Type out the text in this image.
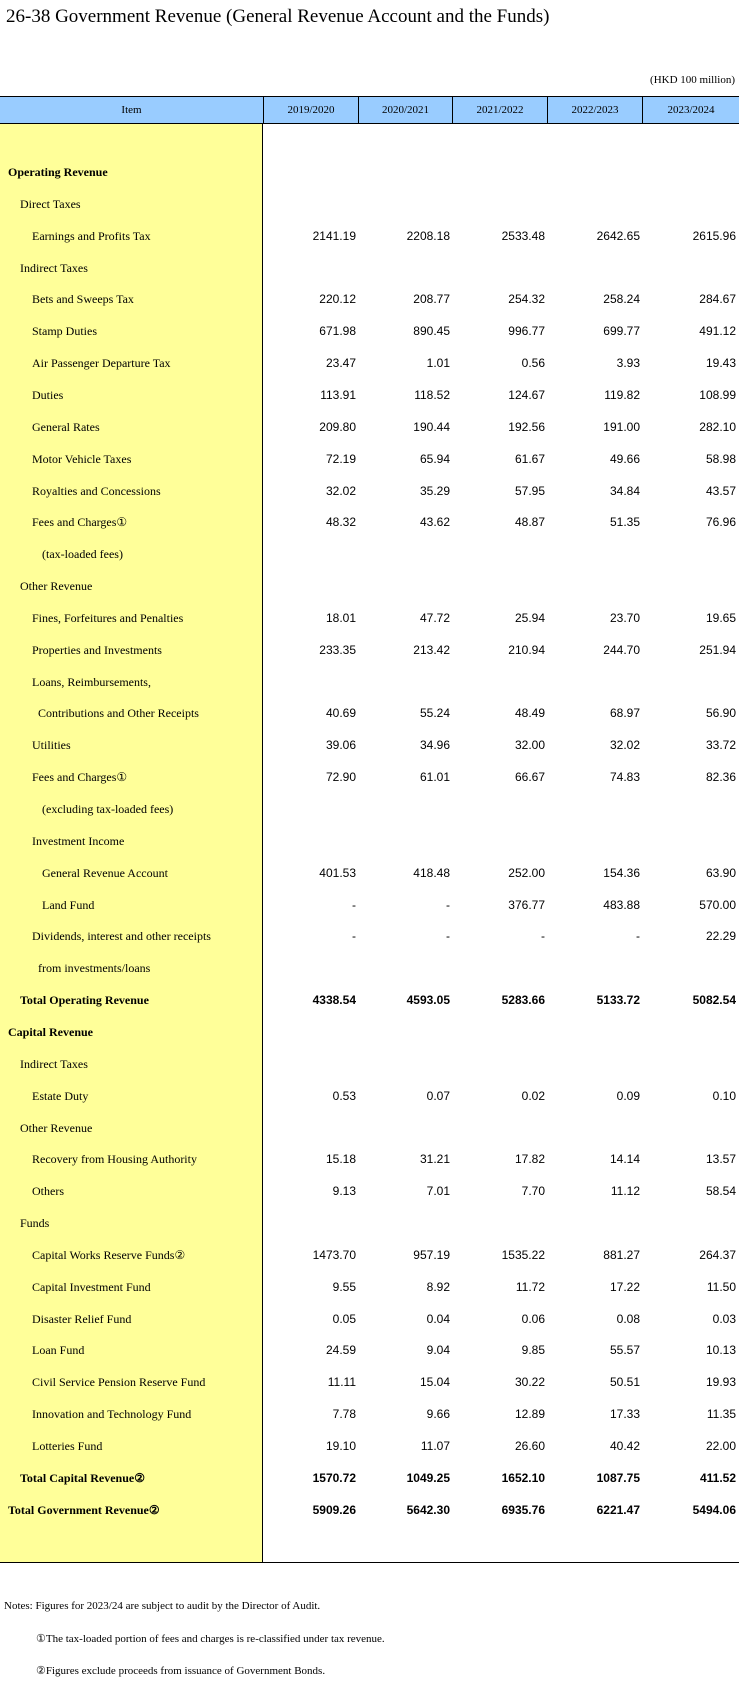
26-38 Government Revenue (General Revenue Account and the Funds)
(HKD 100 million)
Item	2019/2020	2020/2021	2021/2022	2022/2023	2023/2024
Operating Revenue
Direct Taxes
Earnings and Profits Tax	2141.19	2208.18	2533.48	2642.65	2615.96
Indirect Taxes
Bets and Sweeps Tax	220.12	208.77	254.32	258.24	284.67
Stamp Duties	671.98	890.45	996.77	699.77	491.12
Air Passenger Departure Tax	23.47	1.01	0.56	3.93	19.43
Duties	113.91	118.52	124.67	119.82	108.99
General Rates	209.80	190.44	192.56	191.00	282.10
Motor Vehicle Taxes	72.19	65.94	61.67	49.66	58.98
Royalties and Concessions	32.02	35.29	57.95	34.84	43.57
Fees and Charges①	48.32	43.62	48.87	51.35	76.96
(tax-loaded fees)
Other Revenue
Fines, Forfeitures and Penalties	18.01	47.72	25.94	23.70	19.65
Properties and Investments	233.35	213.42	210.94	244.70	251.94
Loans, Reimbursements,
Contributions and Other Receipts	40.69	55.24	48.49	68.97	56.90
Utilities	39.06	34.96	32.00	32.02	33.72
Fees and Charges①	72.90	61.01	66.67	74.83	82.36
(excluding tax-loaded fees)
Investment Income
General Revenue Account	401.53	418.48	252.00	154.36	63.90
Land Fund	-	-	376.77	483.88	570.00
Dividends, interest and other receipts	-	-	-	-	22.29
from investments/loans
Total Operating Revenue	4338.54	4593.05	5283.66	5133.72	5082.54
Capital Revenue
Indirect Taxes
Estate Duty	0.53	0.07	0.02	0.09	0.10
Other Revenue
Recovery from Housing Authority	15.18	31.21	17.82	14.14	13.57
Others	9.13	7.01	7.70	11.12	58.54
Funds
Capital Works Reserve Funds②	1473.70	957.19	1535.22	881.27	264.37
Capital Investment Fund	9.55	8.92	11.72	17.22	11.50
Disaster Relief Fund	0.05	0.04	0.06	0.08	0.03
Loan Fund	24.59	9.04	9.85	55.57	10.13
Civil Service Pension Reserve Fund	11.11	15.04	30.22	50.51	19.93
Innovation and Technology Fund	7.78	9.66	12.89	17.33	11.35
Lotteries Fund	19.10	11.07	26.60	40.42	22.00
Total Capital Revenue②	1570.72	1049.25	1652.10	1087.75	411.52
Total Government Revenue②	5909.26	5642.30	6935.76	6221.47	5494.06
Notes: Figures for 2023/24 are subject to audit by the Director of Audit.
①The tax-loaded portion of fees and charges is re-classified under tax revenue.
②Figures exclude proceeds from issuance of Government Bonds.
